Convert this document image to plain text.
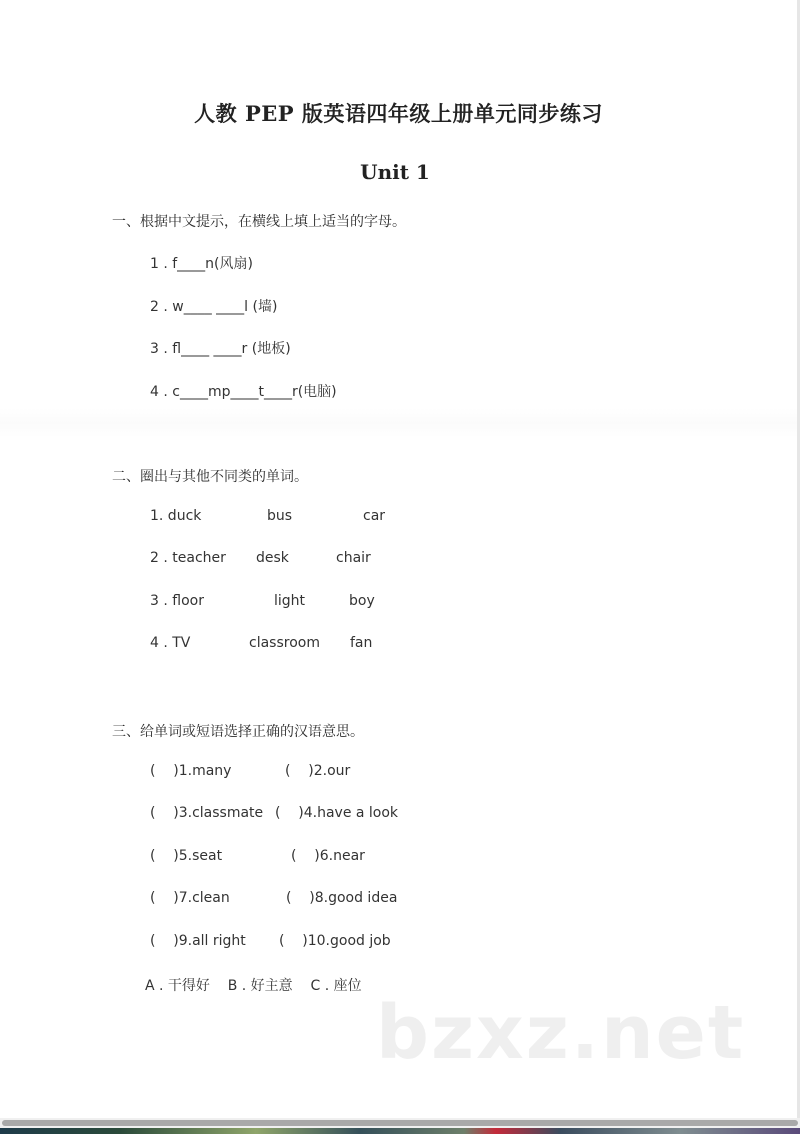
人教 PEP 版英语四年级上册单元同步练习
Unit 1
一、根据中文提示，在横线上填上适当的字母。
1 . f____n(风扇)
2 . w____ ____l (墙)
3 . fl____ ____r (地板)
4 . c____mp____t____r(电脑)
二、圈出与其他不同类的单词。
1. duck	bus	car
2 . teacher desk	chair
3 . floor	light	boy
4 . TV	classroom fan
三、给单词或短语选择正确的汉语意思。
(    )1.many	(    )2.our
(    )3.classmate (    )4.have a look
(    )5.seat	(    )6.near
(    )7.clean	(    )8.good idea
(    )9.all right (    )10.good job
A . 干得好    B . 好主意    C . 座位
bzxz.net
